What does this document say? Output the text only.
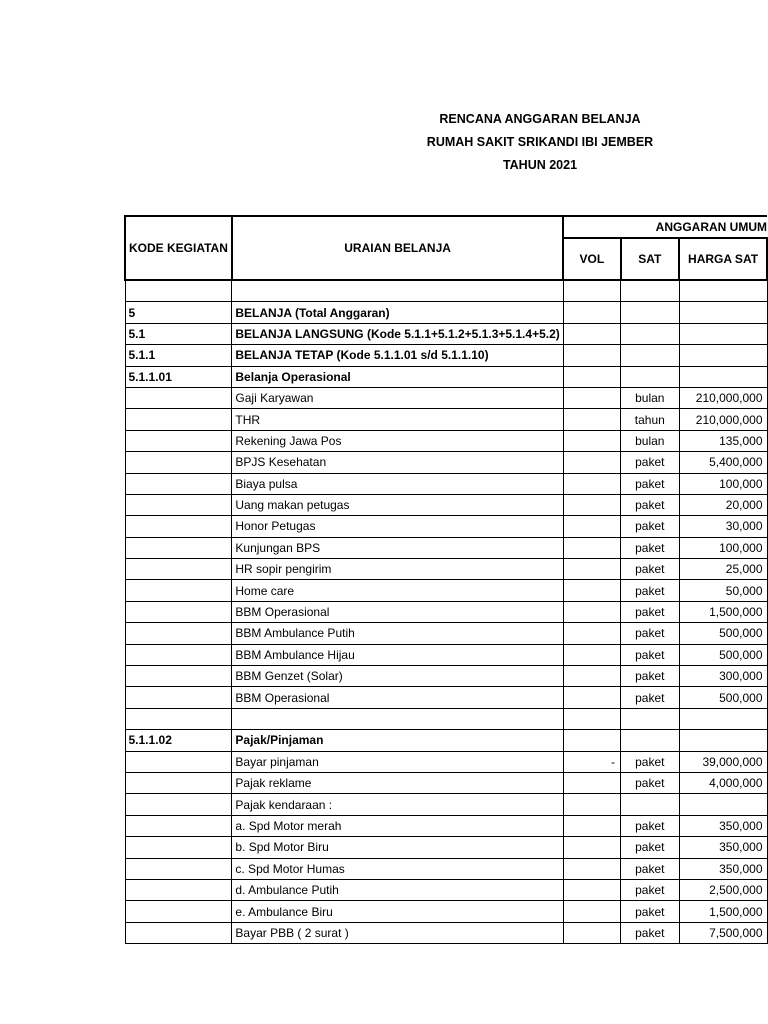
RENCANA ANGGARAN BELANJA
RUMAH SAKIT SRIKANDI IBI JEMBER
TAHUN 2021
KODE KEGIATAN	URAIAN BELANJA	ANGGARAN UMUM		
		VOL	SAT	HARGA SAT

5	BELANJA (Total Anggaran)			
5.1	BELANJA LANGSUNG (Kode 5.1.1+5.1.2+5.1.3+5.1.4+5.2)			
5.1.1	BELANJA TETAP (Kode 5.1.1.01 s/d 5.1.1.10)			
5.1.1.01	Belanja Operasional			
	Gaji Karyawan		bulan	210,000,000
	THR		tahun	210,000,000
	Rekening Jawa Pos		bulan	135,000
	BPJS Kesehatan		paket	5,400,000
	Biaya pulsa		paket	100,000
	Uang makan petugas		paket	20,000
	Honor Petugas		paket	30,000
	Kunjungan BPS		paket	100,000
	HR sopir pengirim		paket	25,000
	Home care		paket	50,000
	BBM Operasional		paket	1,500,000
	BBM Ambulance Putih		paket	500,000
	BBM Ambulance Hijau		paket	500,000
	BBM Genzet (Solar)		paket	300,000
	BBM Operasional		paket	500,000

5.1.1.02	Pajak/Pinjaman			
	Bayar pinjaman	-	paket	39,000,000
	Pajak reklame		paket	4,000,000
	Pajak kendaraan :			
	a. Spd Motor merah		paket	350,000
	b. Spd Motor Biru		paket	350,000
	c. Spd Motor Humas		paket	350,000
	d. Ambulance Putih		paket	2,500,000
	e. Ambulance Biru		paket	1,500,000
	Bayar PBB ( 2 surat )		paket	7,500,000
